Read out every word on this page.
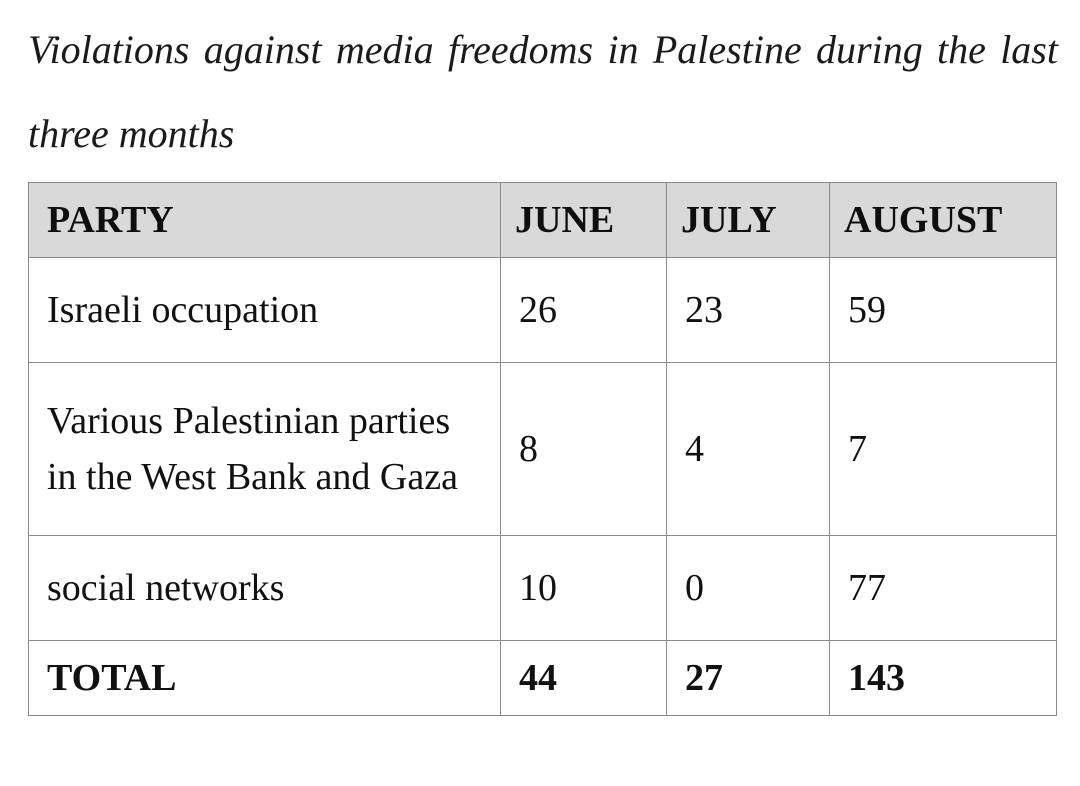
Violations against media freedoms in Palestine during the last three months
PARTY	JUNE	JULY	AUGUST
Israeli occupation	26	23	59
Various Palestinian parties in the West Bank and Gaza	8	4	7
social networks	10	0	77
TOTAL	44	27	143
